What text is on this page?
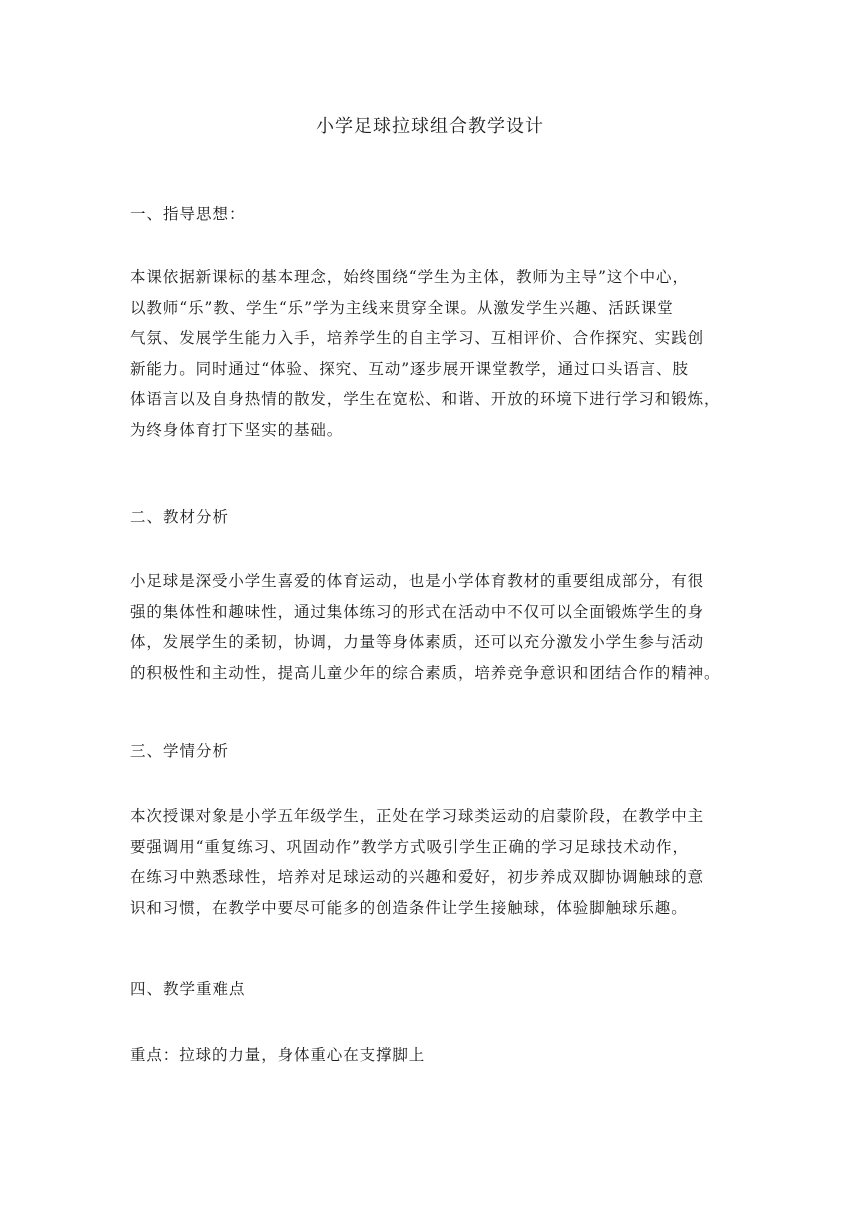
小学足球拉球组合教学设计
一、指导思想：
本课依据新课标的基本理念，始终围绕“学生为主体，教师为主导”这个中心，
以教师“乐”教、学生“乐”学为主线来贯穿全课。从激发学生兴趣、活跃课堂
气氛、发展学生能力入手，培养学生的自主学习、互相评价、合作探究、实践创
新能力。同时通过“体验、探究、互动”逐步展开课堂教学，通过口头语言、肢
体语言以及自身热情的散发，学生在宽松、和谐、开放的环境下进行学习和锻炼，
为终身体育打下坚实的基础。
二、教材分析
小足球是深受小学生喜爱的体育运动，也是小学体育教材的重要组成部分，有很
强的集体性和趣味性，通过集体练习的形式在活动中不仅可以全面锻炼学生的身
体，发展学生的柔韧，协调，力量等身体素质，还可以充分激发小学生参与活动
的积极性和主动性，提高儿童少年的综合素质，培养竞争意识和团结合作的精神。
三、学情分析
本次授课对象是小学五年级学生，正处在学习球类运动的启蒙阶段，在教学中主
要强调用“重复练习、巩固动作”教学方式吸引学生正确的学习足球技术动作，
在练习中熟悉球性，培养对足球运动的兴趣和爱好，初步养成双脚协调触球的意
识和习惯，在教学中要尽可能多的创造条件让学生接触球，体验脚触球乐趣。
四、教学重难点
重点：拉球的力量，身体重心在支撑脚上
